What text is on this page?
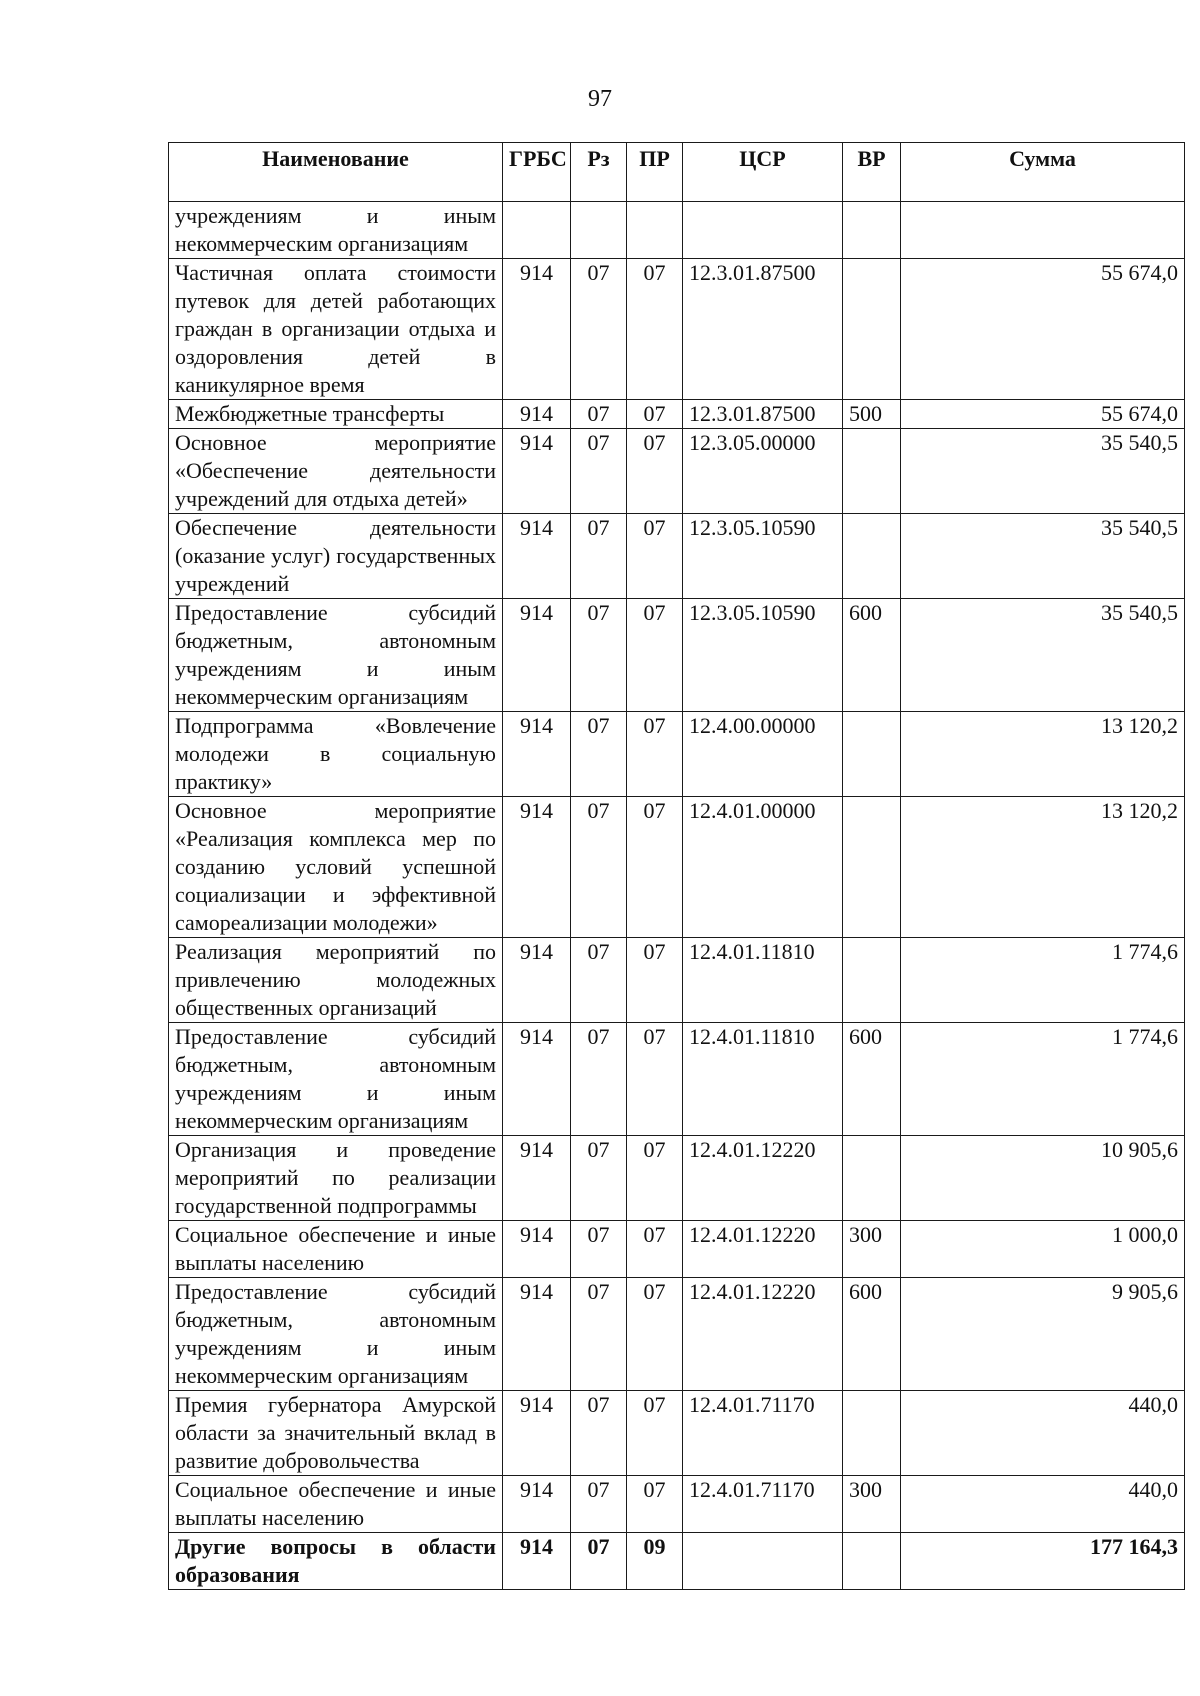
97
Наименование	ГРБС	Рз	ПР	ЦСР	ВР	Сумма
учреждениям и иным некоммерческим организациям						
Частичная оплата стоимости путевок для детей работающих граждан в организации отдыха и оздоровления детей в каникулярное время	914	07	07	12.3.01.87500		55 674,0
Межбюджетные трансферты	914	07	07	12.3.01.87500	500	55 674,0
Основное мероприятие «Обеспечение деятельности учреждений для отдыха детей»	914	07	07	12.3.05.00000		35 540,5
Обеспечение деятельности (оказание услуг) государственных учреждений	914	07	07	12.3.05.10590		35 540,5
Предоставление субсидий бюджетным, автономным учреждениям и иным некоммерческим организациям	914	07	07	12.3.05.10590	600	35 540,5
Подпрограмма «Вовлечение молодежи в социальную практику»	914	07	07	12.4.00.00000		13 120,2
Основное мероприятие «Реализация комплекса мер по созданию условий успешной социализации и эффективной самореализации молодежи»	914	07	07	12.4.01.00000		13 120,2
Реализация мероприятий по привлечению молодежных общественных организаций	914	07	07	12.4.01.11810		1 774,6
Предоставление субсидий бюджетным, автономным учреждениям и иным некоммерческим организациям	914	07	07	12.4.01.11810	600	1 774,6
Организация и проведение мероприятий по реализации государственной подпрограммы	914	07	07	12.4.01.12220		10 905,6
Социальное обеспечение и иные выплаты населению	914	07	07	12.4.01.12220	300	1 000,0
Предоставление субсидий бюджетным, автономным учреждениям и иным некоммерческим организациям	914	07	07	12.4.01.12220	600	9 905,6
Премия губернатора Амурской области за значительный вклад в развитие добровольчества	914	07	07	12.4.01.71170		440,0
Социальное обеспечение и иные выплаты населению	914	07	07	12.4.01.71170	300	440,0
Другие вопросы в области образования	914	07	09			177 164,3
